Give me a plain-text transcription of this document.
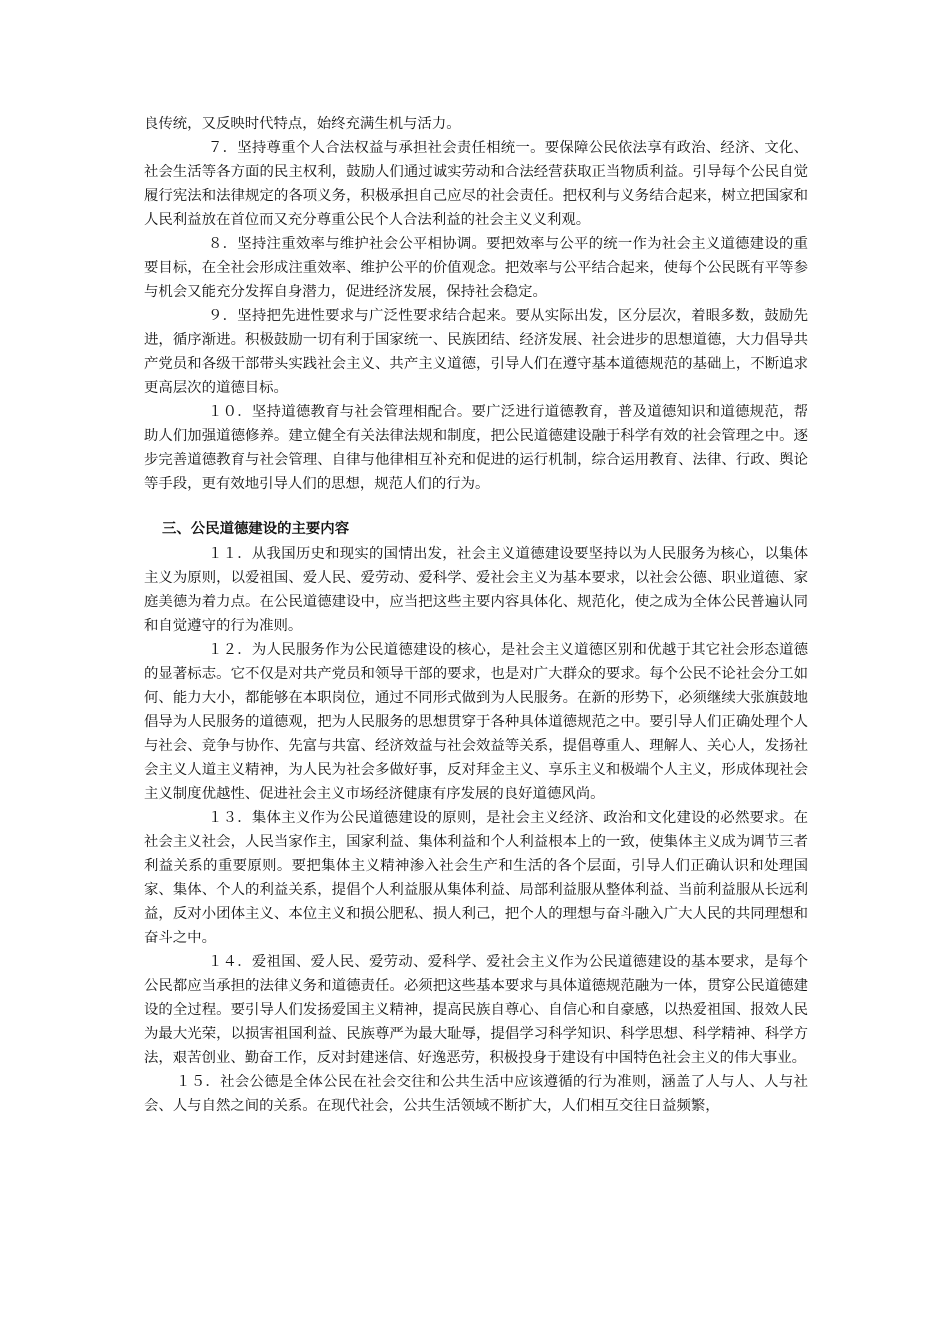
良传统，又反映时代特点，始终充满生机与活力。

７．坚持尊重个人合法权益与承担社会责任相统一。要保障公民依法享有政治、经济、文化、社会生活等各方面的民主权利，鼓励人们通过诚实劳动和合法经营获取正当物质利益。引导每个公民自觉履行宪法和法律规定的各项义务，积极承担自己应尽的社会责任。把权利与义务结合起来，树立把国家和人民利益放在首位而又充分尊重公民个人合法利益的社会主义义利观。

８．坚持注重效率与维护社会公平相协调。要把效率与公平的统一作为社会主义道德建设的重要目标，在全社会形成注重效率、维护公平的价值观念。把效率与公平结合起来，使每个公民既有平等参与机会又能充分发挥自身潜力，促进经济发展，保持社会稳定。

９．坚持把先进性要求与广泛性要求结合起来。要从实际出发，区分层次，着眼多数，鼓励先进，循序渐进。积极鼓励一切有利于国家统一、民族团结、经济发展、社会进步的思想道德，大力倡导共产党员和各级干部带头实践社会主义、共产主义道德，引导人们在遵守基本道德规范的基础上，不断追求更高层次的道德目标。

１０．坚持道德教育与社会管理相配合。要广泛进行道德教育，普及道德知识和道德规范，帮助人们加强道德修养。建立健全有关法律法规和制度，把公民道德建设融于科学有效的社会管理之中。逐步完善道德教育与社会管理、自律与他律相互补充和促进的运行机制，综合运用教育、法律、行政、舆论等手段，更有效地引导人们的思想，规范人们的行为。

三、公民道德建设的主要内容

１１．从我国历史和现实的国情出发，社会主义道德建设要坚持以为人民服务为核心，以集体主义为原则，以爱祖国、爱人民、爱劳动、爱科学、爱社会主义为基本要求，以社会公德、职业道德、家庭美德为着力点。在公民道德建设中，应当把这些主要内容具体化、规范化，使之成为全体公民普遍认同和自觉遵守的行为准则。

１２．为人民服务作为公民道德建设的核心，是社会主义道德区别和优越于其它社会形态道德的显著标志。它不仅是对共产党员和领导干部的要求，也是对广大群众的要求。每个公民不论社会分工如何、能力大小，都能够在本职岗位，通过不同形式做到为人民服务。在新的形势下，必须继续大张旗鼓地倡导为人民服务的道德观，把为人民服务的思想贯穿于各种具体道德规范之中。要引导人们正确处理个人与社会、竞争与协作、先富与共富、经济效益与社会效益等关系，提倡尊重人、理解人、关心人，发扬社会主义人道主义精神，为人民为社会多做好事，反对拜金主义、享乐主义和极端个人主义，形成体现社会主义制度优越性、促进社会主义市场经济健康有序发展的良好道德风尚。

１３．集体主义作为公民道德建设的原则，是社会主义经济、政治和文化建设的必然要求。在社会主义社会，人民当家作主，国家利益、集体利益和个人利益根本上的一致，使集体主义成为调节三者利益关系的重要原则。要把集体主义精神渗入社会生产和生活的各个层面，引导人们正确认识和处理国家、集体、个人的利益关系，提倡个人利益服从集体利益、局部利益服从整体利益、当前利益服从长远利益，反对小团体主义、本位主义和损公肥私、损人利己，把个人的理想与奋斗融入广大人民的共同理想和奋斗之中。

１４．爱祖国、爱人民、爱劳动、爱科学、爱社会主义作为公民道德建设的基本要求，是每个公民都应当承担的法律义务和道德责任。必须把这些基本要求与具体道德规范融为一体，贯穿公民道德建设的全过程。要引导人们发扬爱国主义精神，提高民族自尊心、自信心和自豪感，以热爱祖国、报效人民为最大光荣，以损害祖国利益、民族尊严为最大耻辱，提倡学习科学知识、科学思想、科学精神、科学方法，艰苦创业、勤奋工作，反对封建迷信、好逸恶劳，积极投身于建设有中国特色社会主义的伟大事业。

１５．社会公德是全体公民在社会交往和公共生活中应该遵循的行为准则，涵盖了人与人、人与社会、人与自然之间的关系。在现代社会，公共生活领域不断扩大，人们相互交往日益频繁，
